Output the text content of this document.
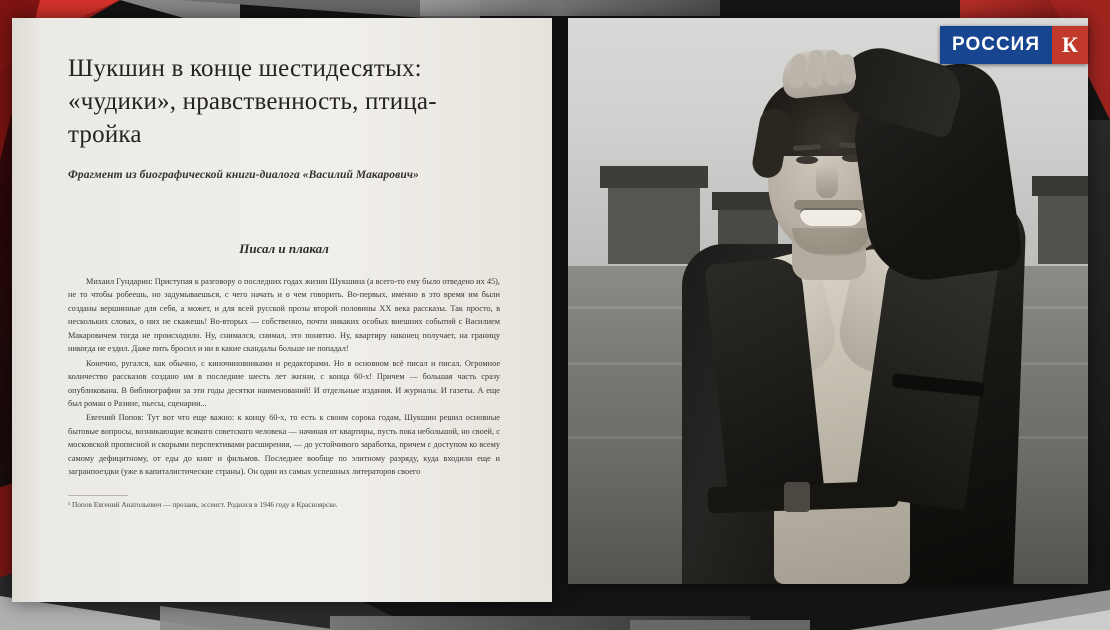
Шукшин в конце шестидесятых: «чудики», нравственность, птица-тройка
Фрагмент из биографической книги-диалога «Василий Макарович»
Писал и плакал

Михаил Гундарин: Приступая к разговору о последних годах жизни Шукшина (а всего-то ему было отведено их 45), не то чтобы робеешь, но задумываешься, с чего начать и о чем говорить. Во-первых, именно в это время им были созданы вершинные для себя, а может, и для всей русской прозы второй половины XX века рассказы. Так просто, в нескольких словах, о них не скажешь! Во-вторых — собственно, почти никаких особых внешних событий с Василием Макаровичем тогда не происходило. Ну, снимался, снимал, это понятно. Ну, квартиру наконец получает, на границу никогда не ездил. Даже пить бросил и ни в какие скандалы больше не попадал!

Конечно, ругался, как обычно, с киночиновниками и редакторами. Но в основном всё писал и писал. Огромное количество рассказов создано им в последние шесть лет жизни, с конца 60-х! Причем — большая часть сразу опубликована. В библиографии за эти годы десятки наименований! И отдельные издания. И журналы. И газеты. А еще был роман о Разине, пьесы, сценарии...

Евгений Попов: Тут вот что еще важно: к концу 60-х, то есть к своим сорока годам, Шукшин решил основные бытовые вопросы, возникающие всякого советского человека — начиная от квартиры, пусть пока небольшой, но своей, с московской прописной и скорыми перспективами расширения, — до устойчивого заработка, причем с доступом ко всему самому дефицитному, от еды до книг и фильмов. Последнее вообще по элитному разряду, куда входили еще и загранпоездки (уже в капиталистические страны). Он один из самых успешных литераторов своего

¹ Попов Евгений Анатольевич — прозаик, эссеист. Родился в 1946 году в Красноярске.
РОССИЯ	К
